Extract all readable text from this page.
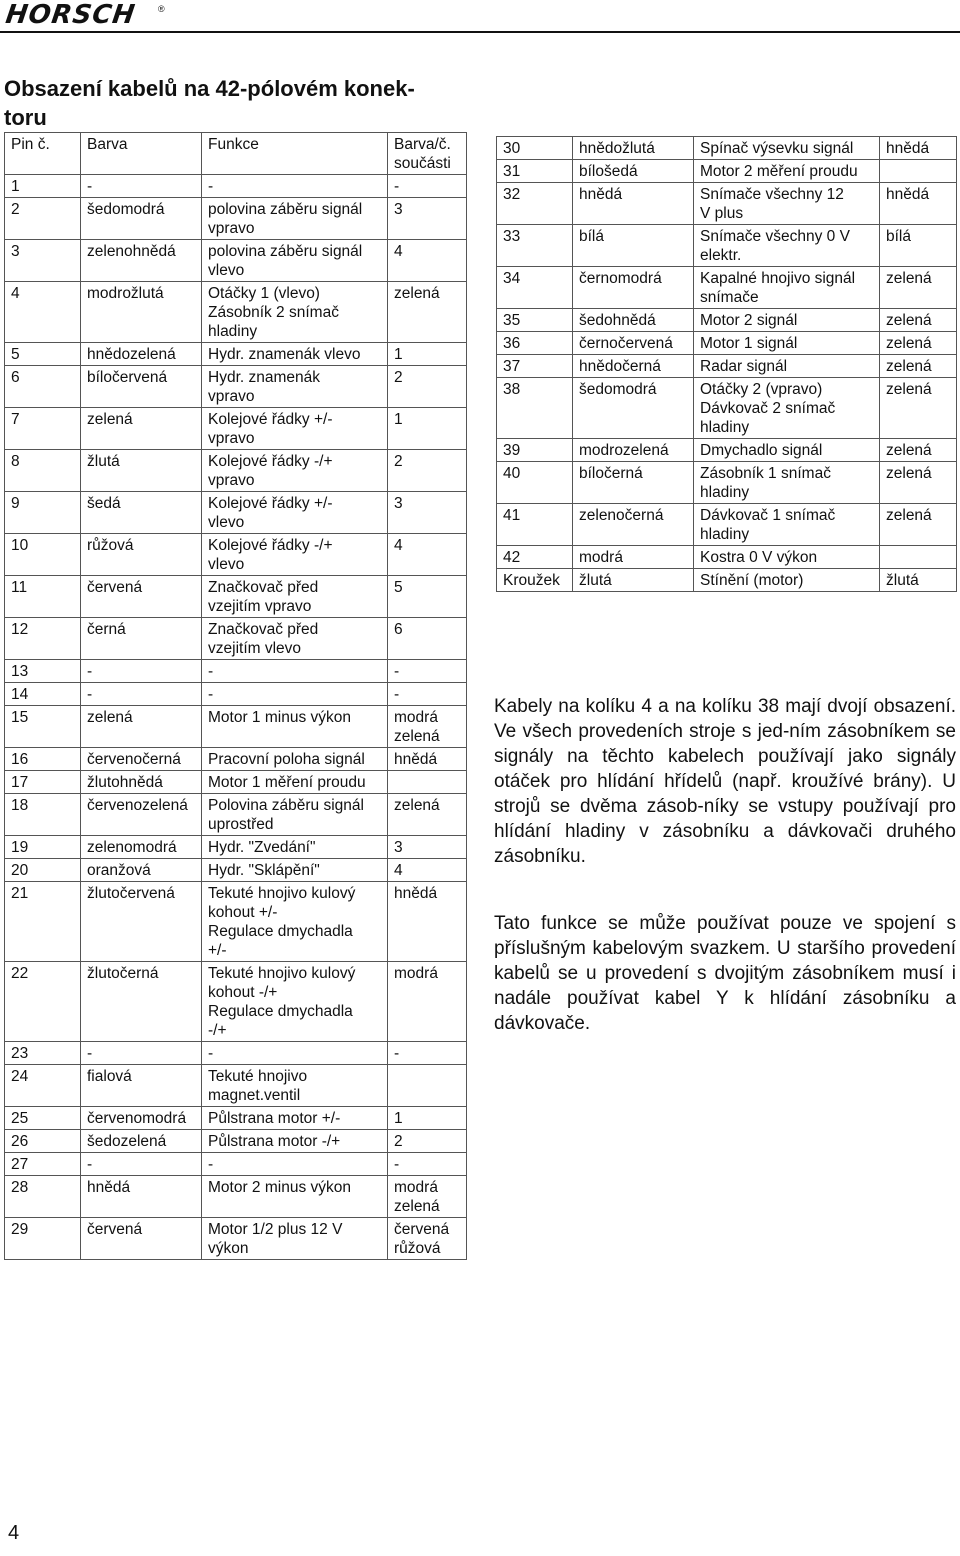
HORSCH ®
Obsazení kabelů na 42-pólovém konek-
toru
Pin č.	Barva	Funkce	Barva/č.
součásti
1	-	-	-
2	šedomodrá	polovina záběru signál
vpravo	3
3	zelenohnědá	polovina záběru signál
vlevo	4
4	modrožlutá	Otáčky 1 (vlevo)
Zásobník 2 snímač
hladiny	zelená
5	hnědozelená	Hydr. znamenák vlevo	1
6	bíločervená	Hydr. znamenák
vpravo	2
7	zelená	Kolejové řádky +/-
vpravo	1
8	žlutá	Kolejové řádky -/+
vpravo	2
9	šedá	Kolejové řádky +/-
vlevo	3
10	růžová	Kolejové řádky -/+
vlevo	4
11	červená	Značkovač před
vzejitím vpravo	5
12	černá	Značkovač před
vzejitím vlevo	6
13	-	-	-
14	-	-	-
15	zelená	Motor 1 minus výkon	modrá
zelená
16	červenočerná	Pracovní poloha signál	hnědá
17	žlutohnědá	Motor 1 měření proudu	
18	červenozelená	Polovina záběru signál
uprostřed	zelená
19	zelenomodrá	Hydr. "Zvedání"	3
20	oranžová	Hydr. "Sklápění"	4
21	žlutočervená	Tekuté hnojivo kulový
kohout +/-
Regulace dmychadla
+/-	hnědá
22	žlutočerná	Tekuté hnojivo kulový
kohout -/+
Regulace dmychadla
-/+	modrá
23	-	-	-
24	fialová	Tekuté hnojivo
magnet.ventil	
25	červenomodrá	Půlstrana motor +/-	1
26	šedozelená	Půlstrana motor -/+	2
27	-	-	-
28	hnědá	Motor 2 minus výkon	modrá
zelená
29	červená	Motor 1/2 plus 12 V
výkon	červená
růžová
30	hnědožlutá	Spínač výsevku signál	hnědá
31	bílošedá	Motor 2 měření proudu	
32	hnědá	Snímače všechny 12
V plus	hnědá
33	bílá	Snímače všechny 0 V
elektr.	bílá
34	černomodrá	Kapalné hnojivo signál
snímače	zelená
35	šedohnědá	Motor 2 signál	zelená
36	černočervená	Motor 1 signál	zelená
37	hnědočerná	Radar signál	zelená
38	šedomodrá	Otáčky 2 (vpravo)
Dávkovač 2 snímač
hladiny	zelená
39	modrozelená	Dmychadlo signál	zelená
40	bíločerná	Zásobník 1 snímač
hladiny	zelená
41	zelenočerná	Dávkovač 1 snímač
hladiny	zelená
42	modrá	Kostra 0 V výkon	
Kroužek	žlutá	Stínění (motor)	žlutá
Kabely na kolíku 4 a na kolíku 38 mají dvojí obsazení. Ve všech provedeních stroje s jed-ním zásobníkem se signály na těchto kabelech používají jako signály otáček pro hlídání hřídelů (např. kroužívé brány). U strojů se dvěma zásob-níky se vstupy používají pro hlídání hladiny v zásobníku a dávkovači druhého zásobníku.
Tato funkce se může používat pouze ve spojení s příslušným kabelovým svazkem. U staršího provedení kabelů se u provedení s dvojitým zásobníkem musí i nadále používat kabel Y k hlídání zásobníku a dávkovače.
4
